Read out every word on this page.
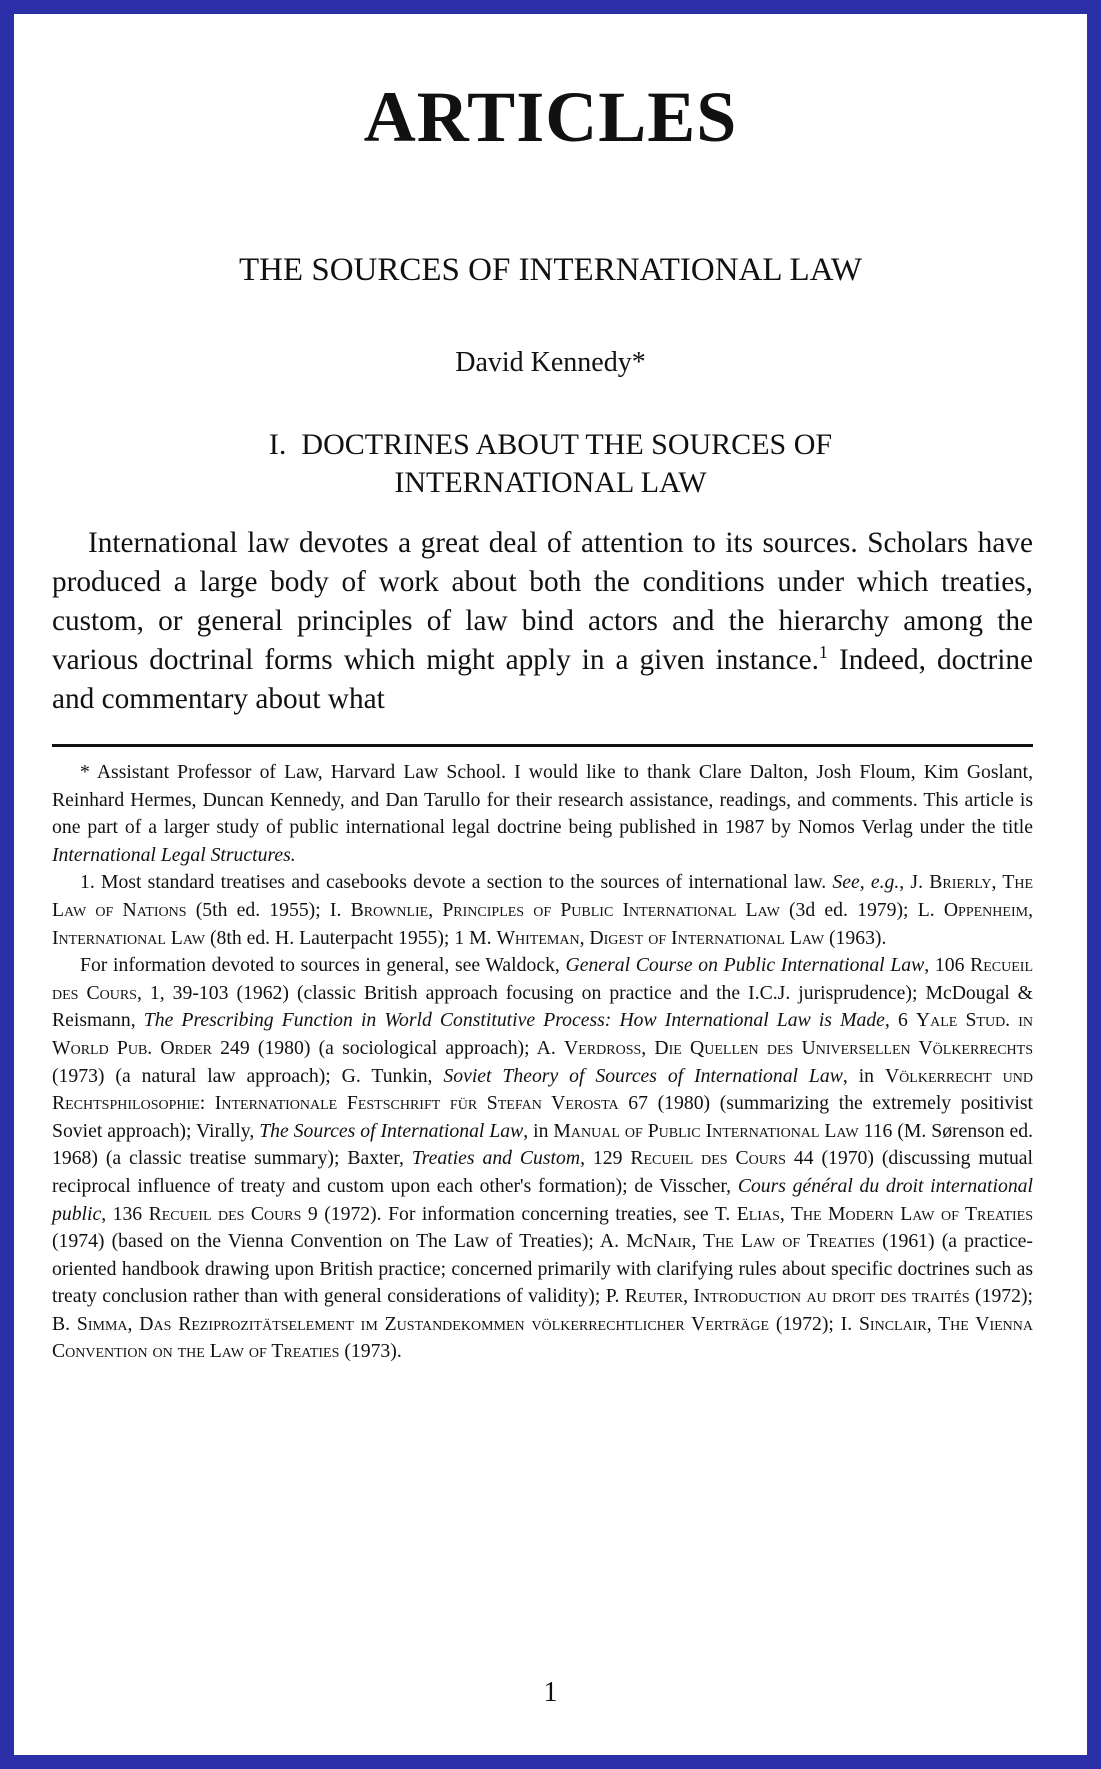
ARTICLES
THE SOURCES OF INTERNATIONAL LAW
David Kennedy*
I.  DOCTRINES ABOUT THE SOURCES OF
INTERNATIONAL LAW

International law devotes a great deal of attention to its sources. Scholars have produced a large body of work about both the conditions under which treaties, custom, or general principles of law bind actors and the hierarchy among the various doctrinal forms which might apply in a given instance.$^1$ Indeed, doctrine and commentary about what

* Assistant Professor of Law, Harvard Law School. I would like to thank Clare Dalton, Josh Floum, Kim Goslant, Reinhard Hermes, Duncan Kennedy, and Dan Tarullo for their research assistance, readings, and comments. This article is one part of a larger study of public international legal doctrine being published in 1987 by Nomos Verlag under the title International Legal Structures.

1. Most standard treatises and casebooks devote a section to the sources of international law. See, e.g., J. Brierly, The Law of Nations (5th ed. 1955); I. Brownlie, Principles of Public International Law (3d ed. 1979); L. Oppenheim, International Law (8th ed. H. Lauterpacht 1955); 1 M. Whiteman, Digest of International Law (1963).

For information devoted to sources in general, see Waldock, General Course on Public International Law, 106 Recueil des Cours, 1, 39-103 (1962) (classic British approach focusing on practice and the I.C.J. jurisprudence); McDougal & Reismann, The Prescribing Function in World Constitutive Process: How International Law is Made, 6 Yale Stud. in World Pub. Order 249 (1980) (a sociological approach); A. Verdross, Die Quellen des Universellen Völkerrechts (1973) (a natural law approach); G. Tunkin, Soviet Theory of Sources of International Law, in Völkerrecht und Rechtsphilosophie: Internationale Festschrift für Stefan Verosta 67 (1980) (summarizing the extremely positivist Soviet approach); Virally, The Sources of International Law, in Manual of Public International Law 116 (M. Sørenson ed. 1968) (a classic treatise summary); Baxter, Treaties and Custom, 129 Recueil des Cours 44 (1970) (discussing mutual reciprocal influence of treaty and custom upon each other's formation); de Visscher, Cours général du droit international public, 136 Recueil des Cours 9 (1972). For information concerning treaties, see T. Elias, The Modern Law of Treaties (1974) (based on the Vienna Convention on The Law of Treaties); A. McNair, The Law of Treaties (1961) (a practice-oriented handbook drawing upon British practice; concerned primarily with clarifying rules about specific doctrines such as treaty conclusion rather than with general considerations of validity); P. Reuter, Introduction au droit des traités (1972); B. Simma, Das Reziprozitätselement im Zustandekommen völkerrechtlicher Verträge (1972); I. Sinclair, The Vienna Convention on the Law of Treaties (1973).

1
